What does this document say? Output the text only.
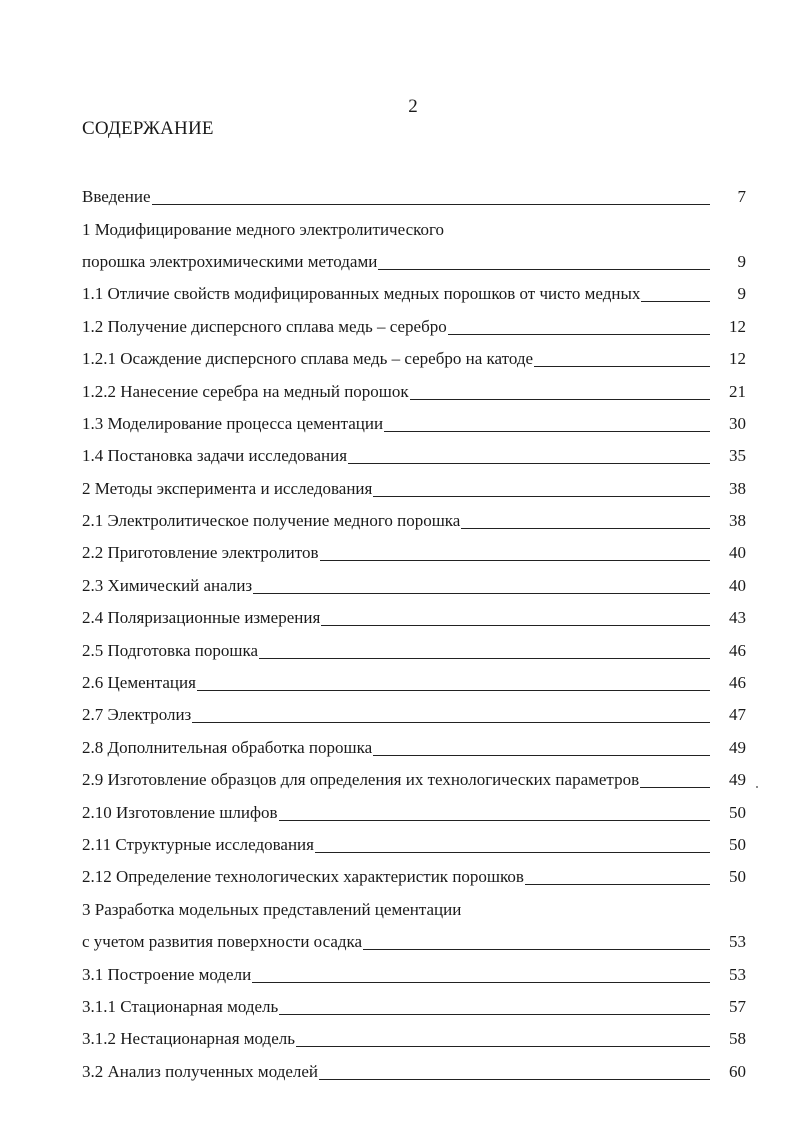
2
СОДЕРЖАНИЕ
Введение	7
1 Модифицирование медного электролитического
порошка электрохимическими методами	9
1.1 Отличие свойств модифицированных медных порошков от чисто медных	9
1.2 Получение дисперсного сплава медь – серебро	12
1.2.1 Осаждение дисперсного сплава медь – серебро на катоде	12
1.2.2 Нанесение серебра на медный порошок	21
1.3 Моделирование процесса цементации	30
1.4 Постановка задачи исследования	35
2 Методы эксперимента и исследования	38
2.1 Электролитическое получение медного порошка	38
2.2 Приготовление электролитов	40
2.3 Химический анализ	40
2.4 Поляризационные измерения	43
2.5 Подготовка порошка	46
2.6 Цементация	46
2.7 Электролиз	47
2.8 Дополнительная обработка порошка	49
2.9 Изготовление образцов для определения их технологических параметров	49
2.10 Изготовление шлифов	50
2.11 Структурные исследования	50
2.12 Определение технологических характеристик порошков	50
3 Разработка модельных представлений цементации
с учетом развития поверхности осадка	53
3.1 Построение модели	53
3.1.1 Стационарная модель	57
3.1.2 Нестационарная модель	58
3.2 Анализ полученных моделей	60
